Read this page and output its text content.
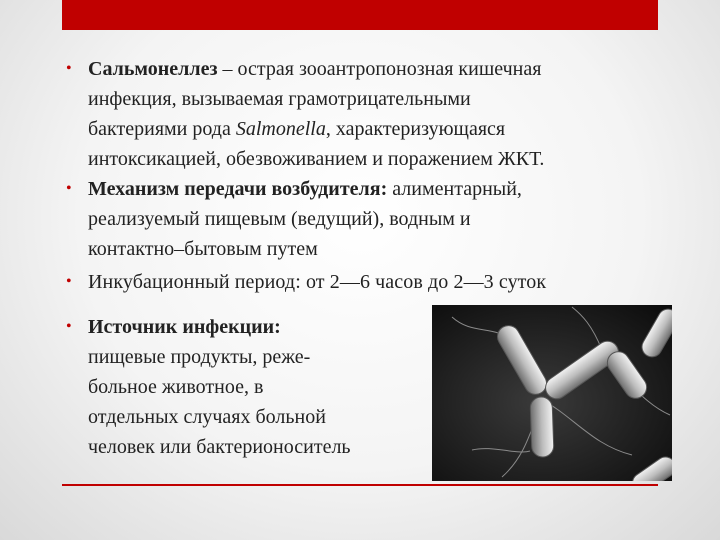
• Сальмонеллез – острая зооантропонозная кишечная

инфекция, вызываемая грамотрицательными

бактериями рода Salmonella, характеризующаяся

интоксикацией, обезвоживанием и поражением ЖКТ.

• Механизм передачи возбудителя: алиментарный,

реализуемый пищевым (ведущий), водным и

контактно–бытовым путем

• Инкубационный период: от 2—6 часов до 2—3 суток

• Источник инфекции:

пищевые продукты, реже-

больное животное, в

отдельных случаях больной

человек или бактерионоситель
